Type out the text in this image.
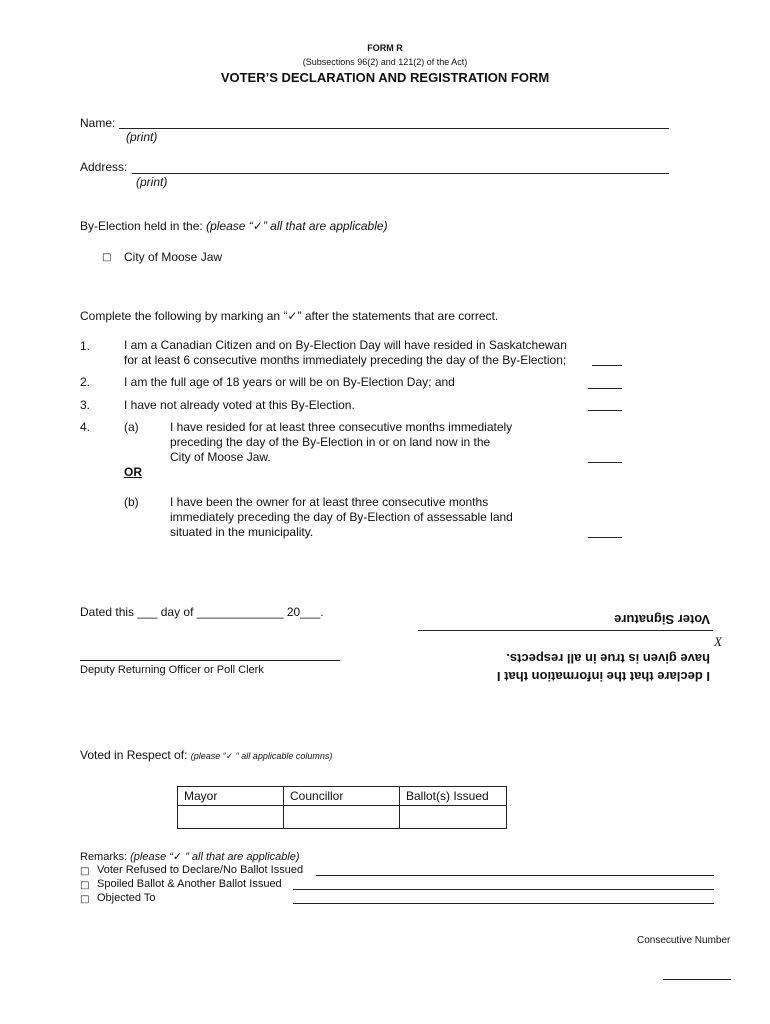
FORM R
(Subsections 96(2) and 121(2) of the Act)
VOTER’S DECLARATION AND REGISTRATION FORM
Name:
(print)
Address:
(print)
By-Election held in the: (please “✓” all that are applicable)
□ City of Moose Jaw
Complete the following by marking an “✓” after the statements that are correct.
1.	I am a Canadian Citizen and on By-Election Day will have resided in Saskatchewan
for at least 6 consecutive months immediately preceding the day of the By-Election;
2.	I am the full age of 18 years or will be on By-Election Day; and
3.	I have not already voted at this By-Election.
4.	(a)	I have resided for at least three consecutive months immediately
preceding the day of the By-Election in or on land now in the
City of Moose Jaw.
OR
(b)	I have been the owner for at least three consecutive months
immediately preceding the day of By-Election of assessable land
situated in the municipality.
Dated this ___ day of _____________ 20___.
Deputy Returning Officer or Poll Clerk
X
I declare that the information that I
have given is true in all respects.
Voter Signature
Voted in Respect of: (please “✓ “ all applicable columns)
Mayor	Councillor	Ballot(s) Issued

Remarks: (please “✓ ” all that are applicable)
□ Voter Refused to Declare/No Ballot Issued
□ Spoiled Ballot & Another Ballot Issued
□ Objected To
Consecutive Number
